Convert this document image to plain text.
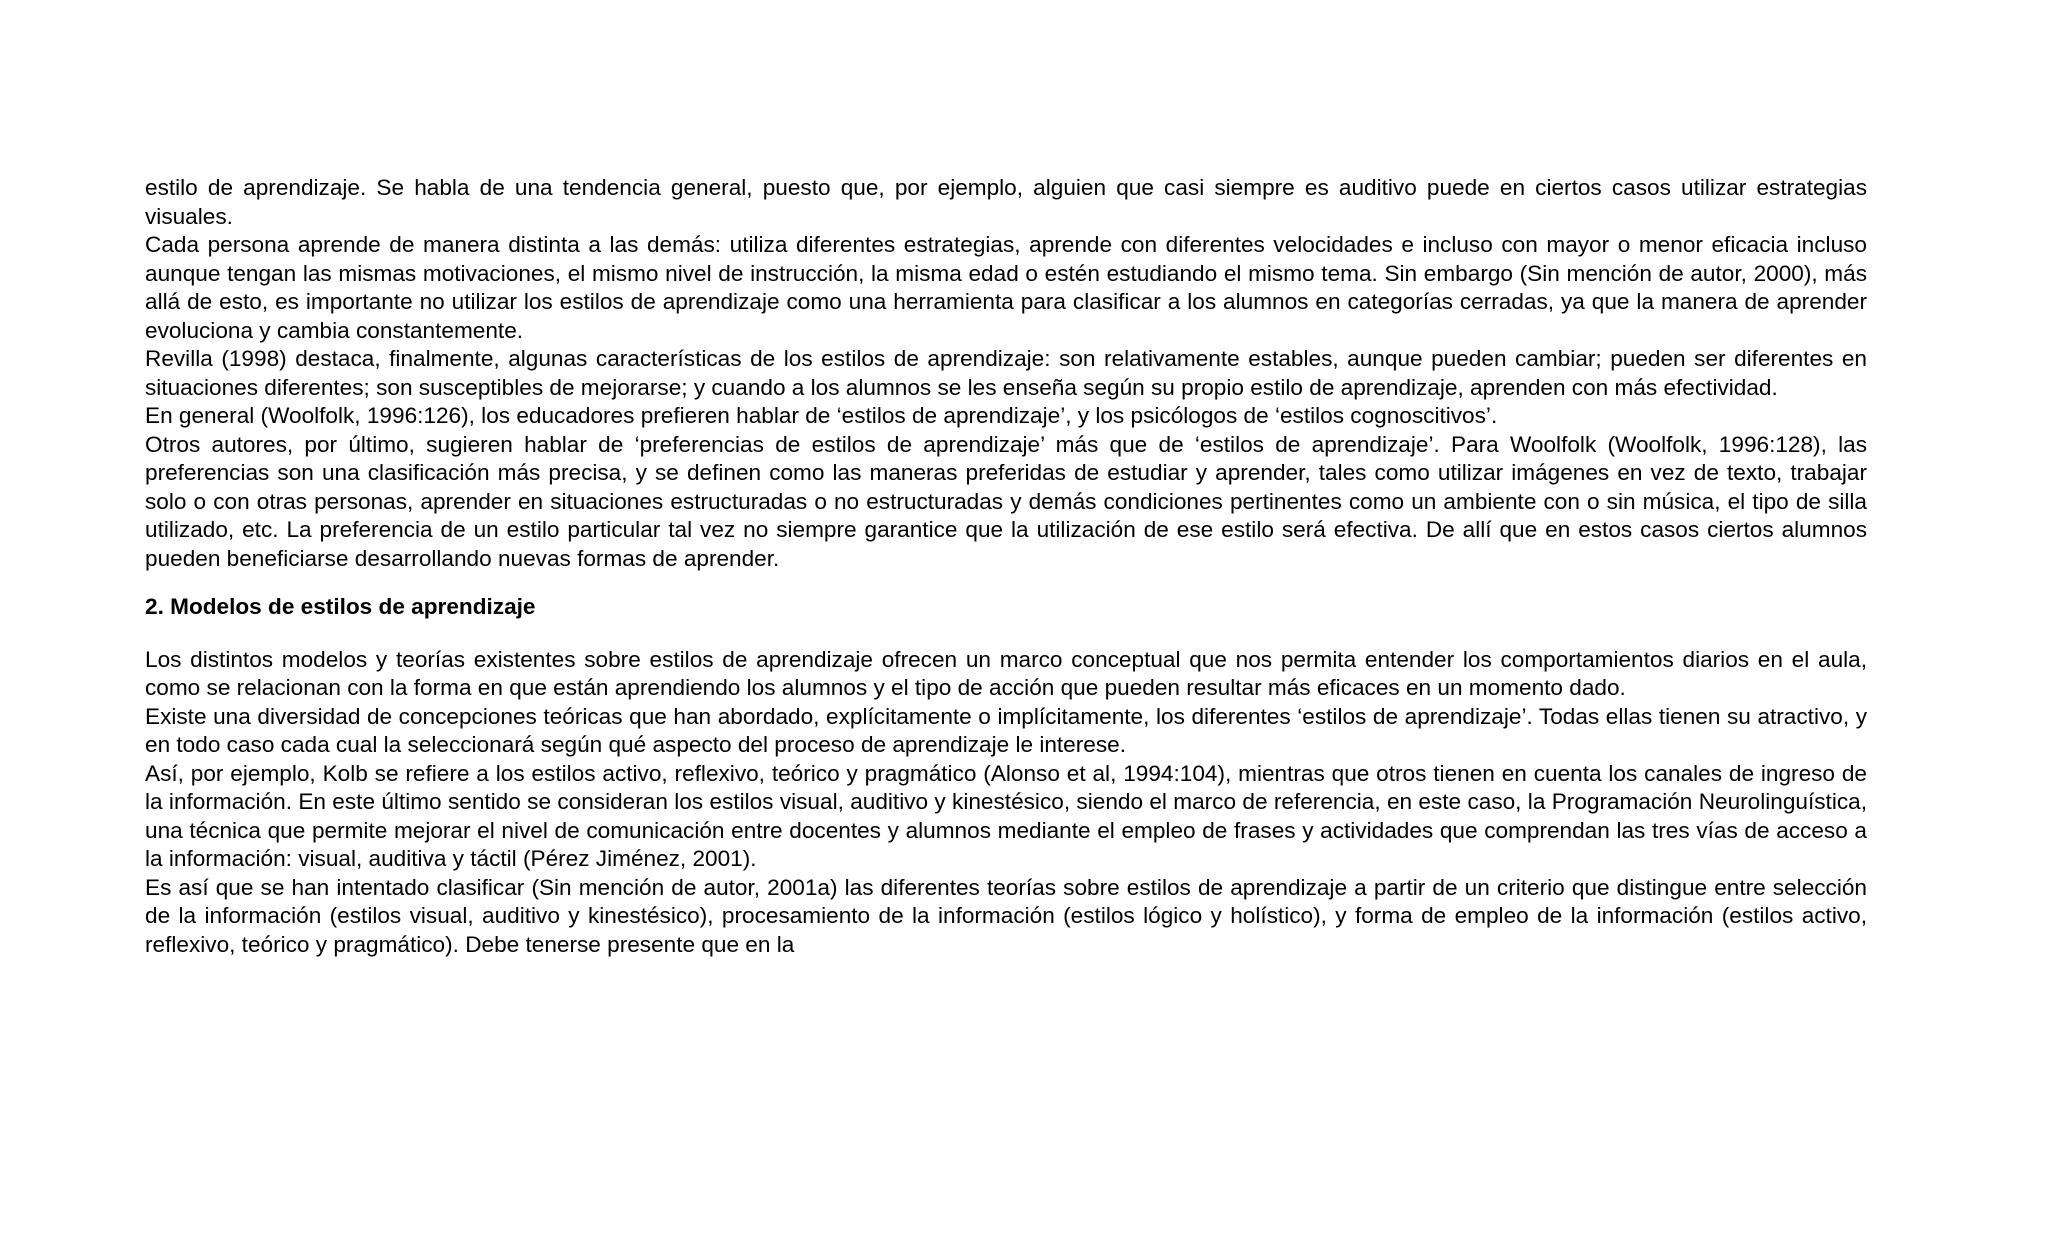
estilo de aprendizaje. Se habla de una tendencia general, puesto que, por ejemplo, alguien que casi siempre es auditivo puede en ciertos casos utilizar estrategias visuales.

Cada persona aprende de manera distinta a las demás: utiliza diferentes estrategias, aprende con diferentes velocidades e incluso con mayor o menor eficacia incluso aunque tengan las mismas motivaciones, el mismo nivel de instrucción, la misma edad o estén estudiando el mismo tema. Sin embargo (Sin mención de autor, 2000), más allá de esto, es importante no utilizar los estilos de aprendizaje como una herramienta para clasificar a los alumnos en categorías cerradas, ya que la manera de aprender evoluciona y cambia constantemente.

Revilla (1998) destaca, finalmente, algunas características de los estilos de aprendizaje: son relativamente estables, aunque pueden cambiar; pueden ser diferentes en situaciones diferentes; son susceptibles de mejorarse; y cuando a los alumnos se les enseña según su propio estilo de aprendizaje, aprenden con más efectividad.

En general (Woolfolk, 1996:126), los educadores prefieren hablar de ‘estilos de aprendizaje’, y los psicólogos de ‘estilos cognoscitivos’.

Otros autores, por último, sugieren hablar de ‘preferencias de estilos de aprendizaje’ más que de ‘estilos de aprendizaje’. Para Woolfolk (Woolfolk, 1996:128), las preferencias son una clasificación más precisa, y se definen como las maneras preferidas de estudiar y aprender, tales como utilizar imágenes en vez de texto, trabajar solo o con otras personas, aprender en situaciones estructuradas o no estructuradas y demás condiciones pertinentes como un ambiente con o sin música, el tipo de silla utilizado, etc. La preferencia de un estilo particular tal vez no siempre garantice que la utilización de ese estilo será efectiva. De allí que en estos casos ciertos alumnos pueden beneficiarse desarrollando nuevas formas de aprender.

2. Modelos de estilos de aprendizaje

Los distintos modelos y teorías existentes sobre estilos de aprendizaje ofrecen un marco conceptual que nos permita entender los comportamientos diarios en el aula, como se relacionan con la forma en que están aprendiendo los alumnos y el tipo de acción que pueden resultar más eficaces en un momento dado.

Existe una diversidad de concepciones teóricas que han abordado, explícitamente o implícitamente, los diferentes ‘estilos de aprendizaje’. Todas ellas tienen su atractivo, y en todo caso cada cual la seleccionará según qué aspecto del proceso de aprendizaje le interese.

Así, por ejemplo, Kolb se refiere a los estilos activo, reflexivo, teórico y pragmático (Alonso et al, 1994:104), mientras que otros tienen en cuenta los canales de ingreso de la información. En este último sentido se consideran los estilos visual, auditivo y kinestésico, siendo el marco de referencia, en este caso, la Programación Neurolinguística, una técnica que permite mejorar el nivel de comunicación entre docentes y alumnos mediante el empleo de frases y actividades que comprendan las tres vías de acceso a la información: visual, auditiva y táctil (Pérez Jiménez, 2001).

Es así que se han intentado clasificar (Sin mención de autor, 2001a) las diferentes teorías sobre estilos de aprendizaje a partir de un criterio que distingue entre selección de la información (estilos visual, auditivo y kinestésico), procesamiento de la información (estilos lógico y holístico), y forma de empleo de la información (estilos activo, reflexivo, teórico y pragmático). Debe tenerse presente que en la
